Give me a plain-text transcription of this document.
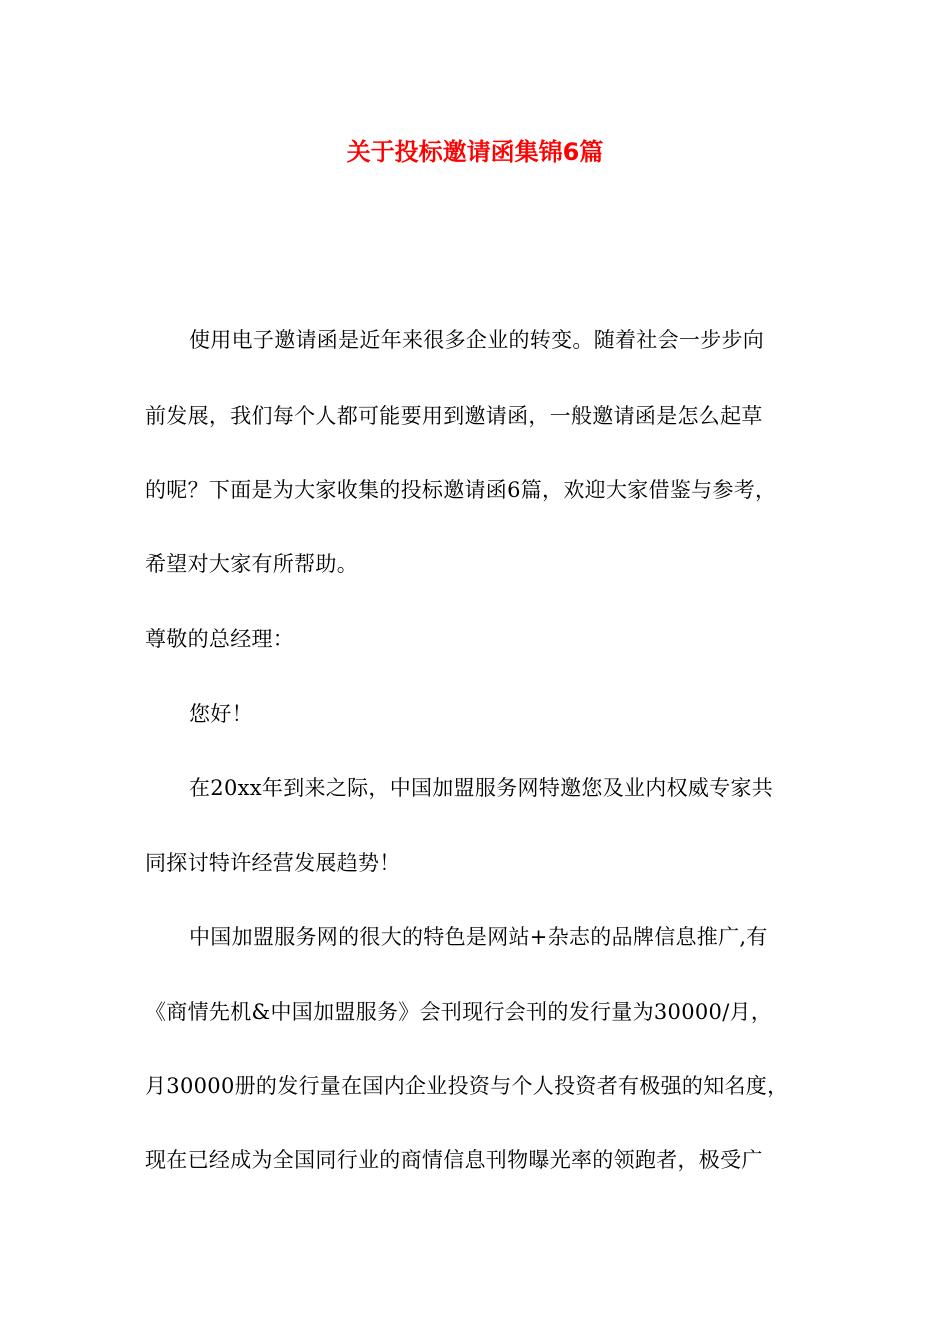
关于投标邀请函集锦6篇
使用电子邀请函是近年来很多企业的转变。随着社会一步步向
前发展，我们每个人都可能要用到邀请函，一般邀请函是怎么起草
的呢？下面是为大家收集的投标邀请函6篇，欢迎大家借鉴与参考，
希望对大家有所帮助。
尊敬的总经理：
您好！
在20xx年到来之际，中国加盟服务网特邀您及业内权威专家共
同探讨特许经营发展趋势！
中国加盟服务网的很大的特色是网站+杂志的品牌信息推广,有
《商情先机&中国加盟服务》会刊现行会刊的发行量为30000/月，
月30000册的发行量在国内企业投资与个人投资者有极强的知名度，
现在已经成为全国同行业的商情信息刊物曝光率的领跑者，极受广
